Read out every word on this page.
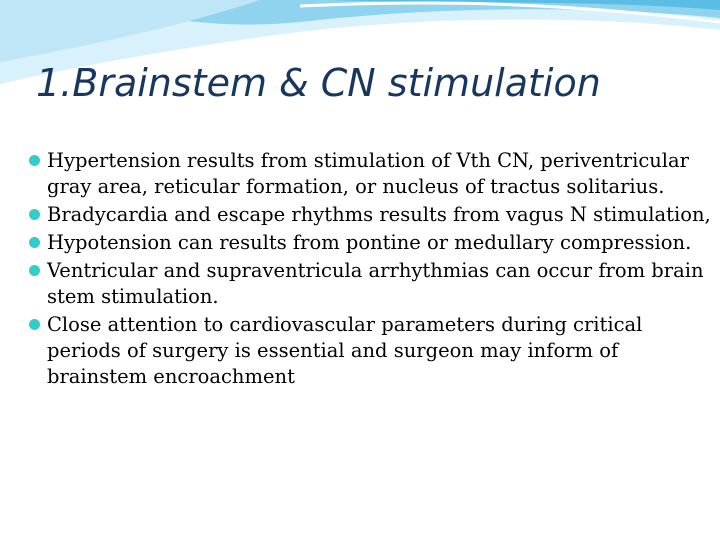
1.Brainstem & CN stimulation
Hypertension results from stimulation of Vth CN, periventricular gray area, reticular formation, or nucleus of tractus solitarius.
Bradycardia and escape rhythms results from vagus N stimulation,
Hypotension can results from pontine or medullary compression.
Ventricular and supraventricula arrhythmias can occur from brain stem stimulation.
Close attention to cardiovascular parameters during critical periods of surgery is essential and surgeon may inform of brainstem encroachment
